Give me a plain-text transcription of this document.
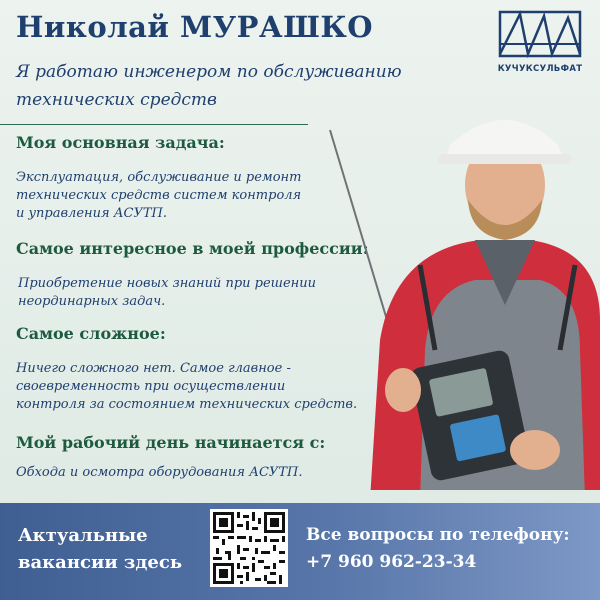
Николай МУРАШКО
Я работаю инженером по обслуживанию технических средств
КУЧУКСУЛЬФАТ
Моя основная задача:
Эксплуатация, обслуживание и ремонт
технических средств систем контроля
и управления АСУТП.
Самое интересное в моей профессии:
Приобретение новых знаний при решении
неординарных задач.
Самое сложное:
Ничего сложного нет. Самое главное -
своевременность при осуществлении
контроля за состоянием технических средств.
Мой рабочий день начинается с:
Обхода и осмотра оборудования АСУТП.
Актуальные
вакансии здесь
Все вопросы по телефону:
+7 960 962-23-34
